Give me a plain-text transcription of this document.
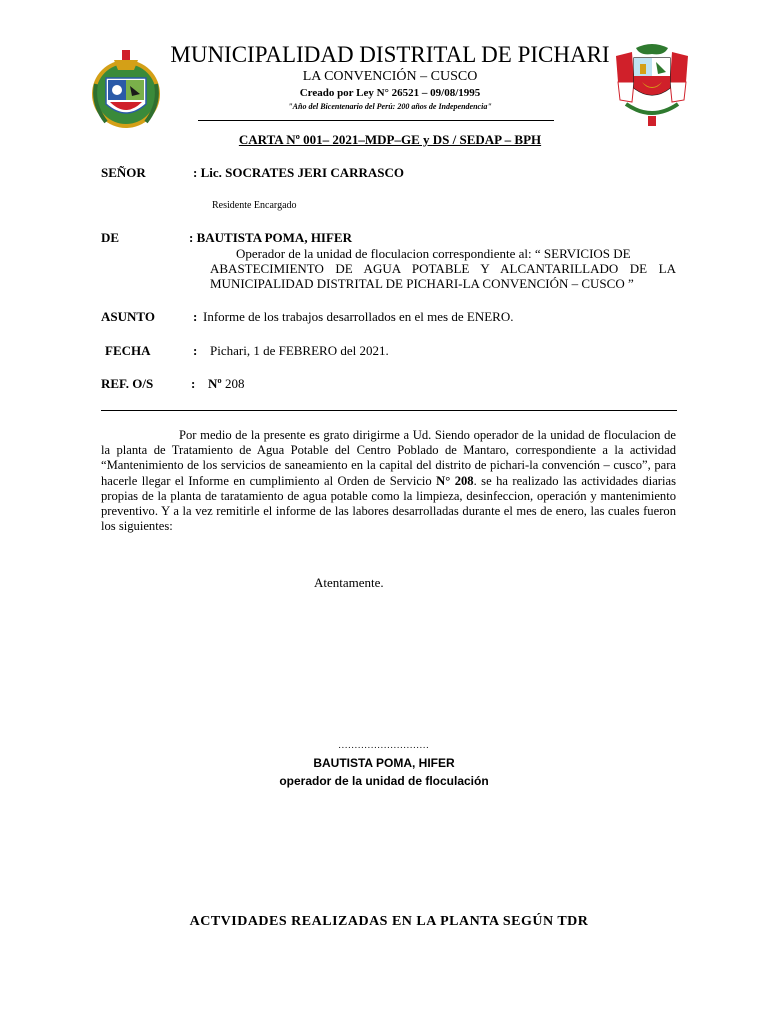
MUNICIPALIDAD DISTRITAL DE PICHARI
LA CONVENCIÓN – CUSCO
Creado por Ley N° 26521 – 09/08/1995
"Año del Bicentenario del Perú: 200 años de Independencia"
CARTA Nº 001– 2021–MDP–GE y DS / SEDAP – BPH
SEÑOR	: Lic. SOCRATES JERI CARRASCO
Residente Encargado
DE	: BAUTISTA POMA, HIFER
Operador de la unidad de floculacion correspondiente al: “ SERVICIOS DE
ABASTECIMIENTO DE AGUA POTABLE Y ALCANTARILLADO DE LA
MUNICIPALIDAD DISTRITAL DE PICHARI-LA CONVENCIÓN – CUSCO ”
ASUNTO	: Informe de los trabajos desarrollados en el mes de ENERO.
FECHA	: Pichari, 1 de FEBRERO del 2021.
REF. O/S	: Nº 208

Por medio de la presente es grato dirigirme a Ud. Siendo operador de la unidad de floculacion de la planta de Tratamiento de Agua Potable del Centro Poblado de Mantaro, correspondiente a la actividad “Mantenimiento de los servicios de saneamiento en la capital del distrito de pichari-la convención – cusco”, para hacerle llegar el Informe en cumplimiento al Orden de Servicio N° 208. se ha realizado las actividades diarias propias de la planta de taratamiento de agua potable como la limpieza, desinfeccion, operación y mantenimiento preventivo. Y a la vez remitirle el informe de las labores desarrolladas durante el mes de enero, las cuales fueron los siguientes:

Atentamente.
............................
BAUTISTA POMA, HIFER
operador de la unidad de floculación
ACTVIDADES REALIZADAS EN LA PLANTA SEGÚN TDR
